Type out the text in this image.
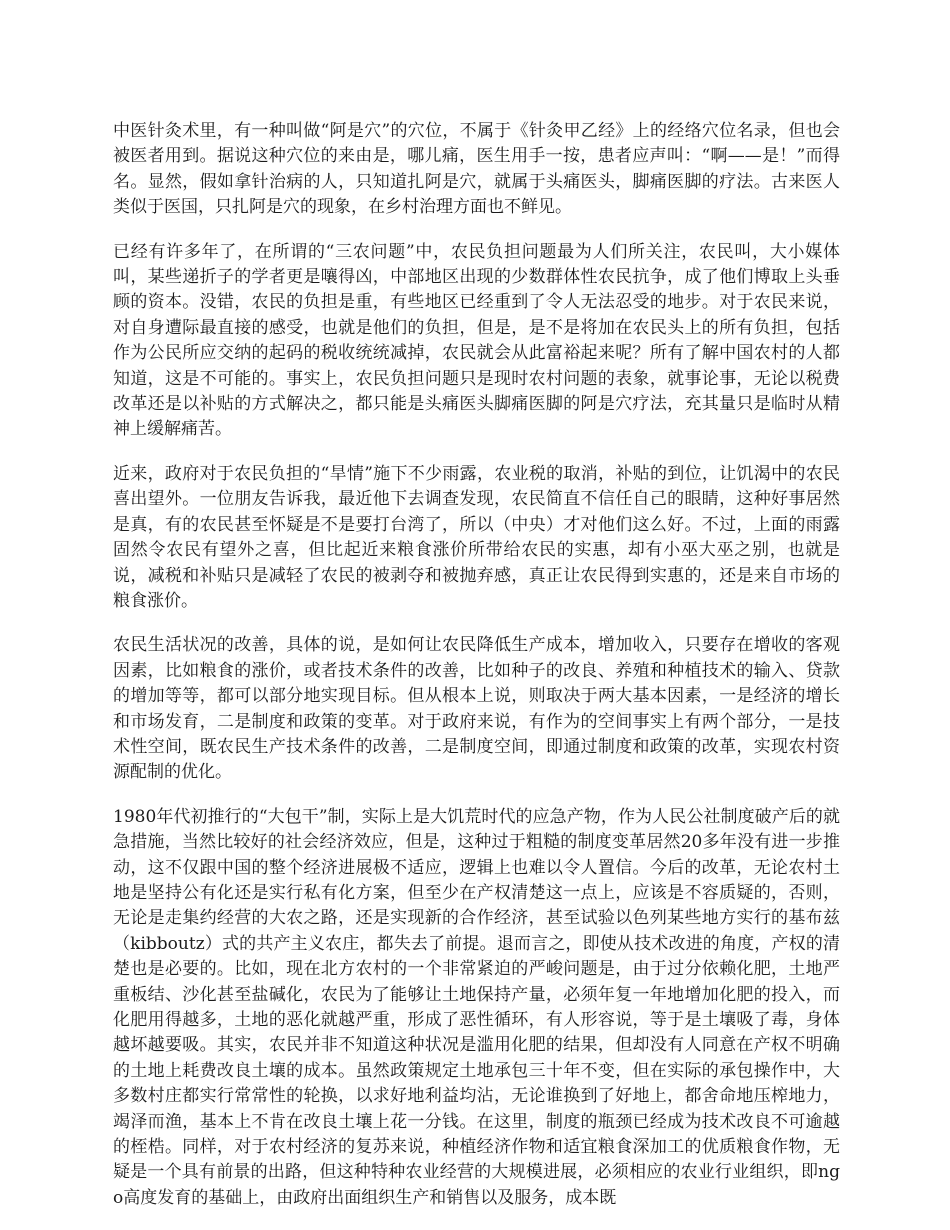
中医针灸术里，有一种叫做“阿是穴”的穴位，不属于《针灸甲乙经》上的经络穴位名录，但也会被医者用到。据说这种穴位的来由是，哪儿痛，医生用手一按，患者应声叫：“啊——是！”而得名。显然，假如拿针治病的人，只知道扎阿是穴，就属于头痛医头，脚痛医脚的疗法。古来医人类似于医国，只扎阿是穴的现象，在乡村治理方面也不鲜见。

已经有许多年了，在所谓的“三农问题”中，农民负担问题最为人们所关注，农民叫，大小媒体叫，某些递折子的学者更是嚷得凶，中部地区出现的少数群体性农民抗争，成了他们博取上头垂顾的资本。没错，农民的负担是重，有些地区已经重到了令人无法忍受的地步。对于农民来说，对自身遭际最直接的感受，也就是他们的负担，但是，是不是将加在农民头上的所有负担，包括作为公民所应交纳的起码的税收统统减掉，农民就会从此富裕起来呢？所有了解中国农村的人都知道，这是不可能的。事实上，农民负担问题只是现时农村问题的表象，就事论事，无论以税费改革还是以补贴的方式解决之，都只能是头痛医头脚痛医脚的阿是穴疗法，充其量只是临时从精神上缓解痛苦。

近来，政府对于农民负担的“旱情”施下不少雨露，农业税的取消，补贴的到位，让饥渴中的农民喜出望外。一位朋友告诉我，最近他下去调查发现，农民简直不信任自己的眼睛，这种好事居然是真，有的农民甚至怀疑是不是要打台湾了，所以（中央）才对他们这么好。不过，上面的雨露固然令农民有望外之喜，但比起近来粮食涨价所带给农民的实惠，却有小巫大巫之别，也就是说，减税和补贴只是减轻了农民的被剥夺和被抛弃感，真正让农民得到实惠的，还是来自市场的粮食涨价。

农民生活状况的改善，具体的说，是如何让农民降低生产成本，增加收入，只要存在增收的客观因素，比如粮食的涨价，或者技术条件的改善，比如种子的改良、养殖和种植技术的输入、贷款的增加等等，都可以部分地实现目标。但从根本上说，则取决于两大基本因素，一是经济的增长和市场发育，二是制度和政策的变革。对于政府来说，有作为的空间事实上有两个部分，一是技术性空间，既农民生产技术条件的改善，二是制度空间，即通过制度和政策的改革，实现农村资源配制的优化。

1980年代初推行的“大包干”制，实际上是大饥荒时代的应急产物，作为人民公社制度破产后的就急措施，当然比较好的社会经济效应，但是，这种过于粗糙的制度变革居然20多年没有进一步推动，这不仅跟中国的整个经济进展极不适应，逻辑上也难以令人置信。今后的改革，无论农村土地是坚持公有化还是实行私有化方案，但至少在产权清楚这一点上，应该是不容质疑的，否则，无论是走集约经营的大农之路，还是实现新的合作经济，甚至试验以色列某些地方实行的基布兹（kibboutz）式的共产主义农庄，都失去了前提。退而言之，即使从技术改进的角度，产权的清楚也是必要的。比如，现在北方农村的一个非常紧迫的严峻问题是，由于过分依赖化肥，土地严重板结、沙化甚至盐碱化，农民为了能够让土地保持产量，必须年复一年地增加化肥的投入，而化肥用得越多，土地的恶化就越严重，形成了恶性循环，有人形容说，等于是土壤吸了毒，身体越坏越要吸。其实，农民并非不知道这种状况是滥用化肥的结果，但却没有人同意在产权不明确的土地上耗费改良土壤的成本。虽然政策规定土地承包三十年不变，但在实际的承包操作中，大多数村庄都实行常常性的轮换，以求好地利益均沾，无论谁换到了好地上，都舍命地压榨地力，竭泽而渔，基本上不肯在改良土壤上花一分钱。在这里，制度的瓶颈已经成为技术改良不可逾越的桎梏。同样，对于农村经济的复苏来说，种植经济作物和适宜粮食深加工的优质粮食作物，无疑是一个具有前景的出路，但这种特种农业经营的大规模进展，必须相应的农业行业组织，即ngo高度发育的基础上，由政府出面组织生产和销售以及服务，成本既
